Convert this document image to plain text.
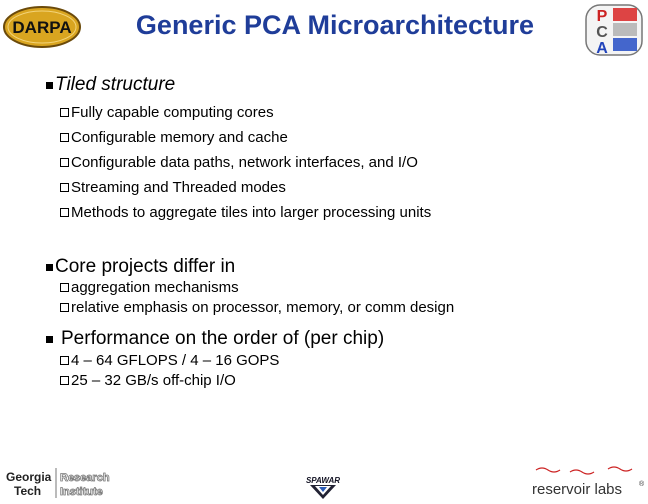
DARPA	Generic PCA Microarchitecture	P
C
A
Tiled structure
Fully capable computing cores
Configurable memory and cache
Configurable data paths, network interfaces, and I/O
Streaming and Threaded modes
Methods to aggregate tiles into larger processing units
Core projects differ in
aggregation mechanisms
relative emphasis on processor, memory, or comm design
Performance on the order of (per chip)
4 – 64 GFLOPS / 4 – 16 GOPS
25 – 32 GB/s off-chip I/O
Georgia
Tech
Research
Institute
SPAWAR
reservoir labs ®
